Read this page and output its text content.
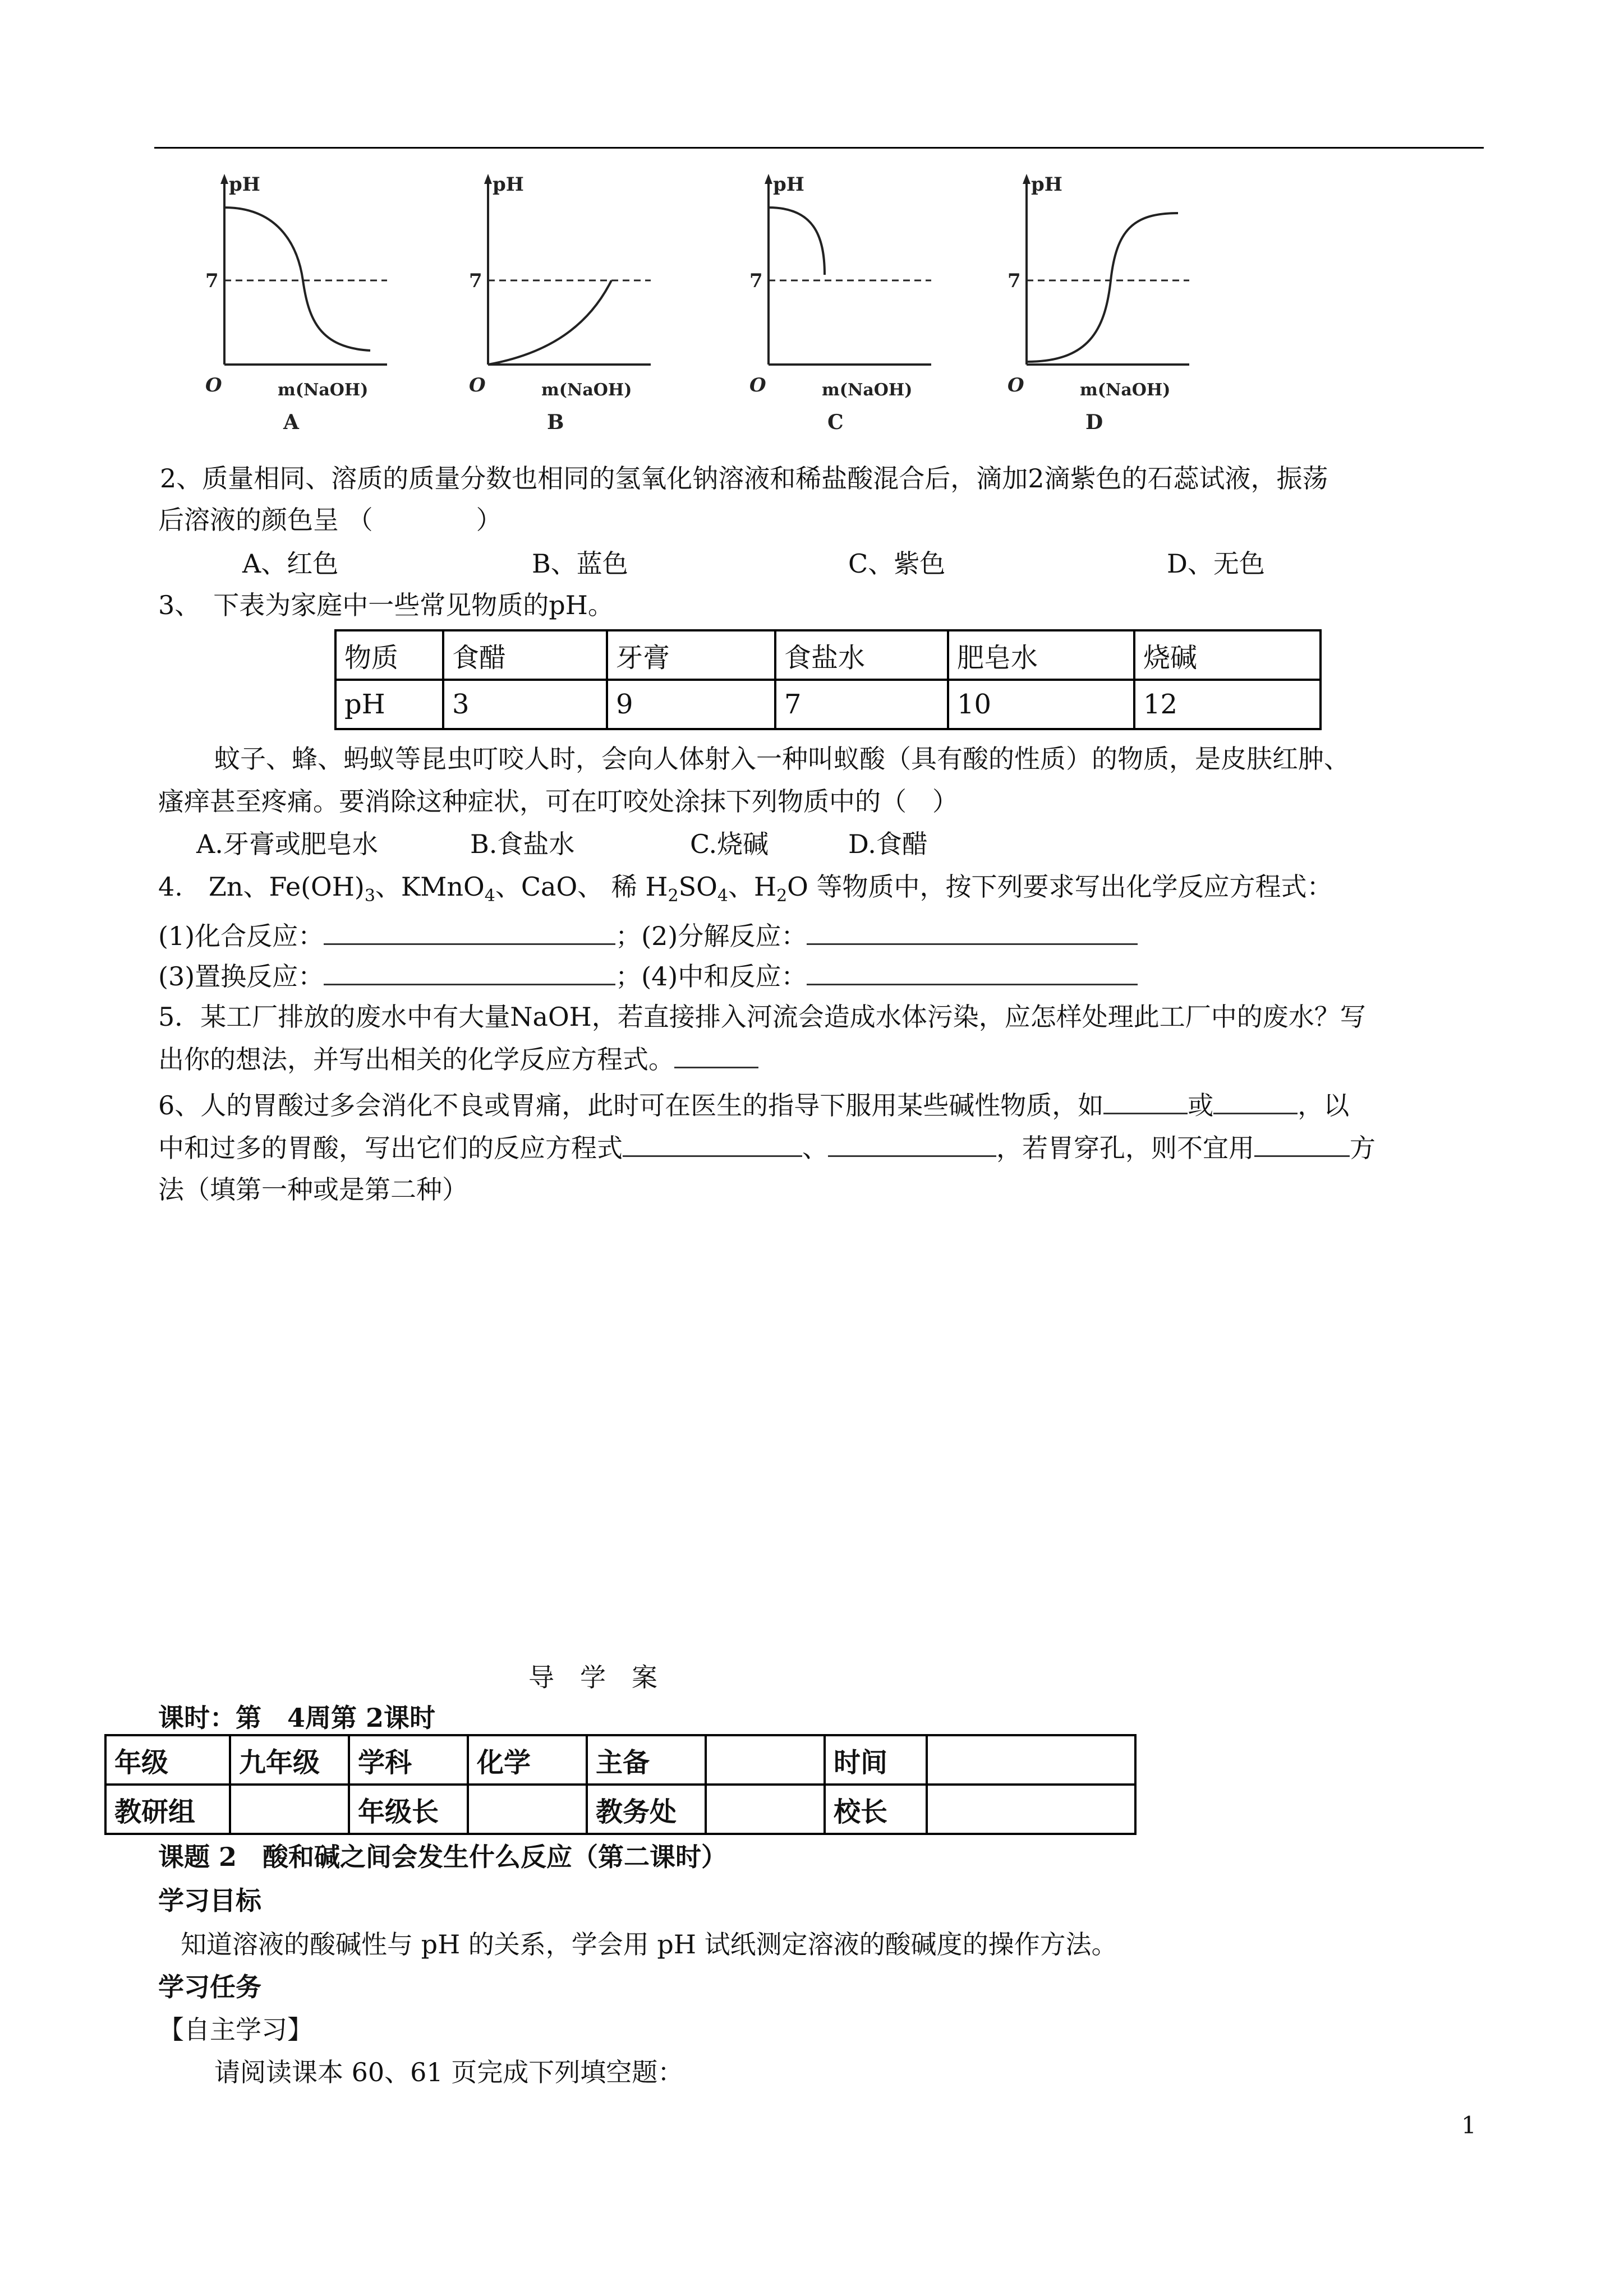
pH
7
O	m(NaOH)
A
pH
7
O	m(NaOH)
B
pH
7
O	m(NaOH)
C
pH
7
O	m(NaOH)
D
2、质量相同、溶质的质量分数也相同的氢氧化钠溶液和稀盐酸混合后，滴加2滴紫色的石蕊试液，振荡
后溶液的颜色呈 （　　　　）
A、红色	B、蓝色	C、紫色	D、无色
3、　下表为家庭中一些常见物质的pH。
物质	食醋	牙膏	食盐水	肥皂水	烧碱
pH	3	9	7	10	12
蚊子、蜂、蚂蚁等昆虫叮咬人时，会向人体射入一种叫蚁酸（具有酸的性质）的物质，是皮肤红肿、
瘙痒甚至疼痛。要消除这种症状，可在叮咬处涂抹下列物质中的（　）
A.牙膏或肥皂水	B.食盐水	C.烧碱	D.食醋
4.　Zn、$Fe(OH)_3$、KMnO$_4$、CaO、 稀 $H_2SO_4$、$H_2O$ 等物质中，按下列要求写出化学反应方程式：
(1)化合反应：	；(2)分解反应：
(3)置换反应：	；(4)中和反应：
5．某工厂排放的废水中有大量NaOH，若直接排入河流会造成水体污染，应怎样处理此工厂中的废水？写
出你的想法，并写出相关的化学反应方程式。
6、人的胃酸过多会消化不良或胃痛，此时可在医生的指导下服用某些碱性物质，如	或	，以
中和过多的胃酸，写出它们的反应方程式	、	，若胃穿孔，则不宜用	方
法（填第一种或是第二种）
导　学　案
课时：第　4周第 2课时
年级	九年级	学科	化学	主备		时间	
教研组		年级长		教务处		校长	
课题 2　酸和碱之间会发生什么反应（第二课时）
学习目标
知道溶液的酸碱性与 pH 的关系，学会用 pH 试纸测定溶液的酸碱度的操作方法。
学习任务
【自主学习】
请阅读课本 60、61 页完成下列填空题：
1
